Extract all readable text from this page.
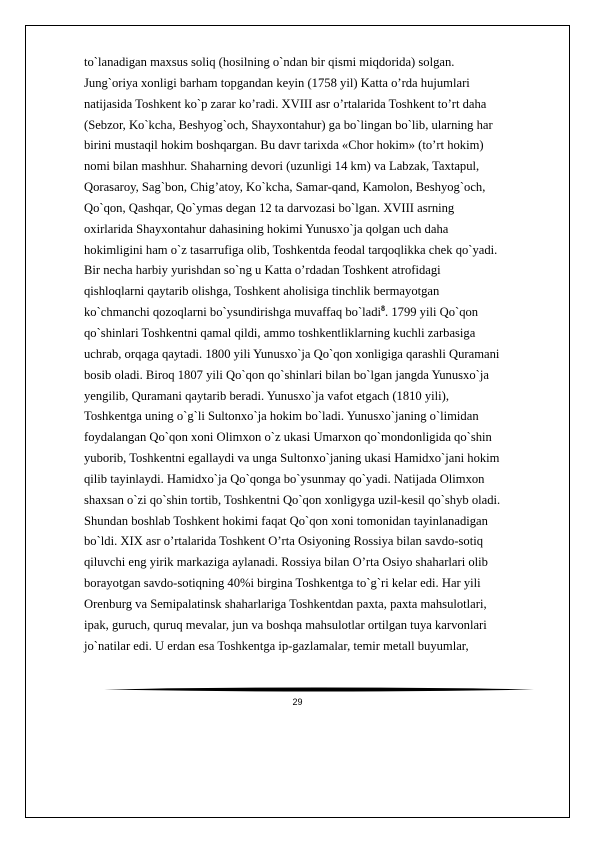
to`lanadigan maxsus soliq (hosilning o`ndan bir qismi miqdorida) solgan.
Jung`oriya xonligi barham topgandan keyin (1758 yil) Katta o’rda hujumlari
natijasida Toshkent ko`p zarar ko’radi. XVIII asr o’rtalarida Toshkent to’rt daha
(Sebzor, Ko`kcha, Beshyog`och, Shayxontahur) ga bo`lingan bo`lib, ularning har
birini mustaqil hokim boshqargan. Bu davr tarixda «Chor hokim» (to’rt hokim)
nomi bilan mashhur. Shaharning devori (uzunligi 14 km) va Labzak, Taxtapul,
Qorasaroy, Sag`bon, Chig’atoy, Ko`kcha, Samar-qand, Kamolon, Beshyog`och,
Qo`qon, Qashqar, Qo`ymas degan 12 ta darvozasi bo`lgan. XVIII asrning
oxirlarida Shayxontahur dahasining hokimi Yunusxo`ja qolgan uch daha
hokimligini ham o`z tasarrufiga olib, Toshkentda feodal tarqoqlikka chek qo`yadi.
Bir necha harbiy yurishdan so`ng u Katta o’rdadan Toshkent atrofidagi
qishloqlarni qaytarib olishga, Toshkent aholisiga tinchlik bermayotgan
ko`chmanchi qozoqlarni bo`ysundirishga muvaffaq bo`ladi$^8$. 1799 yili Qo`qon
qo`shinlari Toshkentni qamal qildi, ammo toshkentliklarning kuchli zarbasiga
uchrab, orqaga qaytadi. 1800 yili Yunusxo`ja Qo`qon xonligiga qarashli Quramani
bosib oladi. Biroq 1807 yili Qo`qon qo`shinlari bilan bo`lgan jangda Yunusxo`ja
yengilib, Quramani qaytarib beradi. Yunusxo`ja vafot etgach (1810 yili),
Toshkentga uning o`g`li Sultonxo`ja hokim bo`ladi. Yunusxo`janing o`limidan
foydalangan Qo`qon xoni Olimxon o`z ukasi Umarxon qo`mondonligida qo`shin
yuborib, Toshkentni egallaydi va unga Sultonxo`janing ukasi Hamidxo`jani hokim
qilib tayinlaydi. Hamidxo`ja Qo`qonga bo`ysunmay qo`yadi. Natijada Olimxon
shaxsan o`zi qo`shin tortib, Toshkentni Qo`qon xonligyga uzil-kesil qo`shyb oladi.
Shundan boshlab Toshkent hokimi faqat Qo`qon xoni tomonidan tayinlanadigan
bo`ldi. XIX asr o’rtalarida Toshkent O’rta Osiyoning Rossiya bilan savdo-sotiq
qiluvchi eng yirik markaziga aylanadi. Rossiya bilan O’rta Osiyo shaharlari olib
borayotgan savdo-sotiqning 40%i birgina Toshkentga to`g`ri kelar edi. Har yili
Orenburg va Semipalatinsk shaharlariga Toshkentdan paxta, paxta mahsulotlari,
ipak, guruch, quruq mevalar, jun va boshqa mahsulotlar ortilgan tuya karvonlari
jo`natilar edi. U erdan esa Toshkentga ip-gazlamalar, temir metall buyumlar,
29
